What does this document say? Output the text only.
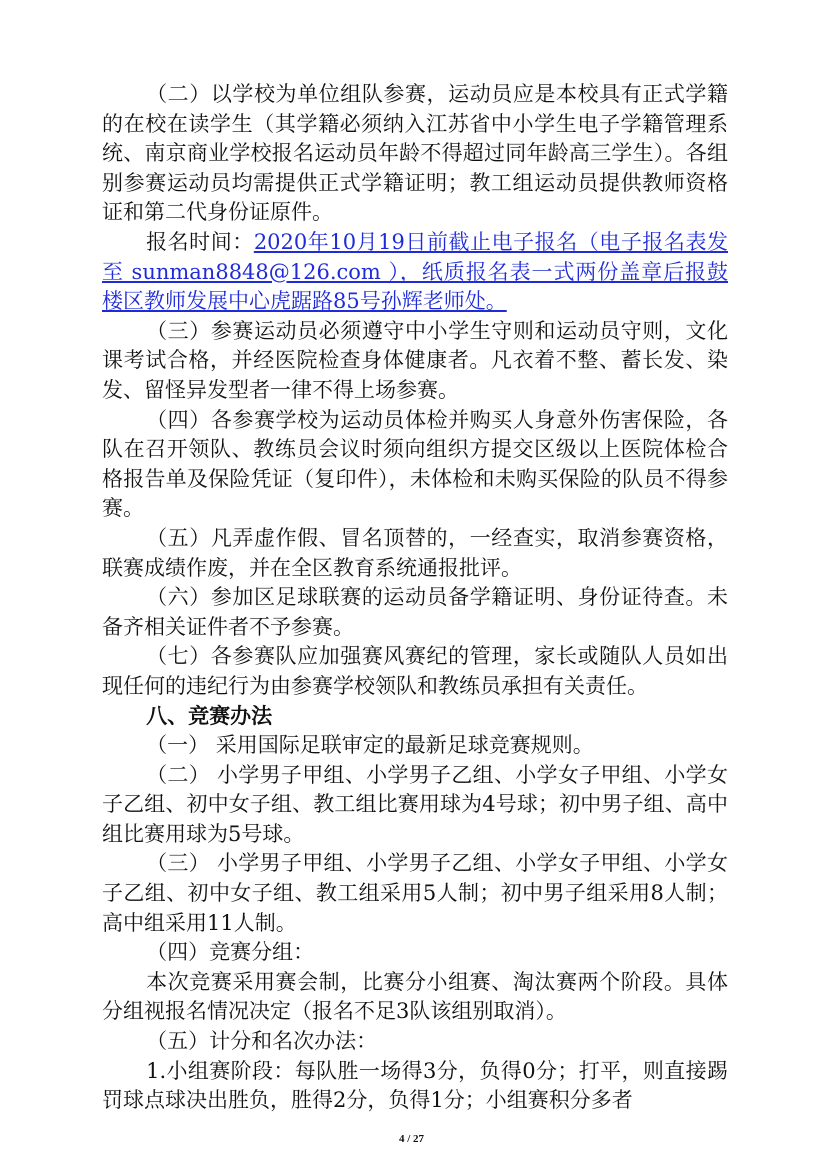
（二）以学校为单位组队参赛，运动员应是本校具有正式学籍的在校在读学生（其学籍必须纳入江苏省中小学生电子学籍管理系统、南京商业学校报名运动员年龄不得超过同年龄高三学生）。各组别参赛运动员均需提供正式学籍证明；教工组运动员提供教师资格证和第二代身份证原件。

报名时间：2020年10月19日前截止电子报名（电子报名表发至 sunman8848@126.com ），纸质报名表一式两份盖章后报鼓楼区教师发展中心虎踞路85号孙辉老师处。

（三）参赛运动员必须遵守中小学生守则和运动员守则，文化课考试合格，并经医院检查身体健康者。凡衣着不整、蓄长发、染发、留怪异发型者一律不得上场参赛。

（四）各参赛学校为运动员体检并购买人身意外伤害保险，各队在召开领队、教练员会议时须向组织方提交区级以上医院体检合格报告单及保险凭证（复印件），未体检和未购买保险的队员不得参赛。

（五）凡弄虚作假、冒名顶替的，一经查实，取消参赛资格，联赛成绩作废，并在全区教育系统通报批评。

（六）参加区足球联赛的运动员备学籍证明、身份证待查。未备齐相关证件者不予参赛。

（七）各参赛队应加强赛风赛纪的管理，家长或随队人员如出现任何的违纪行为由参赛学校领队和教练员承担有关责任。

八、竞赛办法

（一） 采用国际足联审定的最新足球竞赛规则。

（二） 小学男子甲组、小学男子乙组、小学女子甲组、小学女子乙组、初中女子组、教工组比赛用球为4号球；初中男子组、高中组比赛用球为5号球。

（三） 小学男子甲组、小学男子乙组、小学女子甲组、小学女子乙组、初中女子组、教工组采用5人制；初中男子组采用8人制；高中组采用11人制。

（四）竞赛分组：

本次竞赛采用赛会制，比赛分小组赛、淘汰赛两个阶段。具体分组视报名情况决定（报名不足3队该组别取消）。

（五）计分和名次办法：

1.小组赛阶段：每队胜一场得3分，负得0分；打平，则直接踢罚球点球决出胜负，胜得2分，负得1分；小组赛积分多者

4 / 27
